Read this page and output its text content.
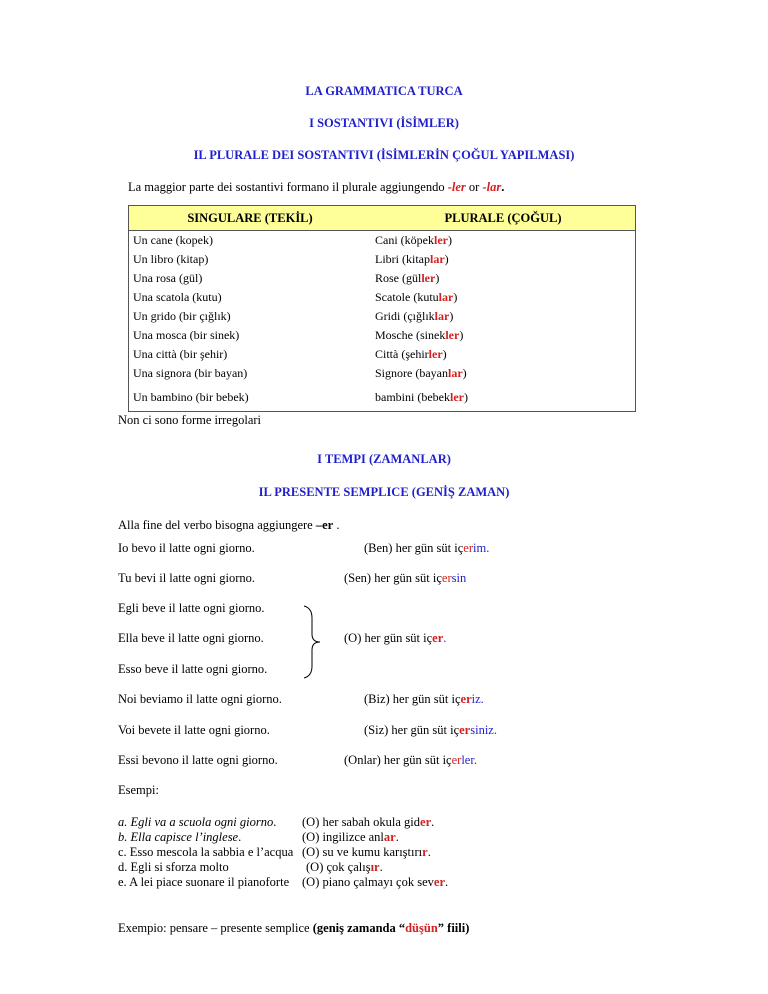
LA GRAMMATICA TURCA
I SOSTANTIVI (İSİMLER)
IL PLURALE DEI SOSTANTIVI (İSİMLERİN ÇOĞUL YAPILMASI)
La maggior parte dei sostantivi formano il plurale aggiungendo -ler or -lar.
SINGULARE (TEKİL)	PLURALE (ÇOĞUL)
Un cane (kopek)	Cani (köpekler)
Un libro (kitap)	Libri (kitaplar)
Una rosa (gül)	Rose (güller)
Una scatola (kutu)	Scatole (kutular)
Un grido (bir çığlık)	Gridi (çığlıklar)
Una mosca (bir sinek)	Mosche (sinekler)
Una città (bir şehir)	Città (şehirler)
Una signora (bir bayan)	Signore (bayanlar)
Un bambino (bir bebek)	bambini (bebekler)
Non ci sono forme irregolari
I TEMPI (ZAMANLAR)
IL PRESENTE SEMPLICE (GENİŞ ZAMAN)
Alla fine del verbo bisogna aggiungere –er .
Io bevo il latte ogni giorno.	(Ben) her gün süt içerim.
Tu bevi il latte ogni giorno.	(Sen) her gün süt içersin
Egli beve il latte ogni giorno.
Ella beve il latte ogni giorno.	(O) her gün süt içer.
Esso beve il latte ogni giorno.
Noi beviamo il latte ogni giorno.	(Biz) her gün süt içeriz.
Voi bevete il latte ogni giorno.	(Siz) her gün süt içersiniz.
Essi bevono il latte ogni giorno.	(Onlar) her gün süt içerler.
Esempi:
a. Egli va a scuola ogni giorno. (O) her sabah okula gider.
b. Ella capisce l’inglese.	(O) ingilizce anlar.
c. Esso mescola la sabbia e l’acqua (O) su ve kumu karıştırır.
d. Egli si sforza molto	(O) çok çalışır.
e. A lei piace suonare il pianoforte (O) piano çalmayı çok sever.
Exempio: pensare – presente semplice (geniş zamanda “düşün” fiili)
